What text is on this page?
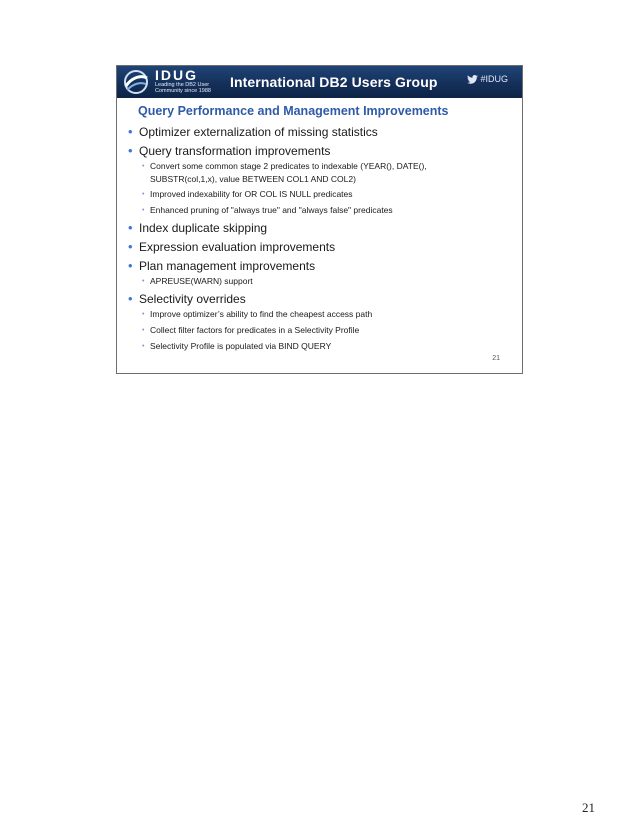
IDUG
Leading the DB2 User
Community since 1988
International DB2 Users Group	#IDUG
Query Performance and Management Improvements
• Optimizer externalization of missing statistics
• Query transformation improvements
• Convert some common stage 2 predicates to indexable (YEAR(), DATE(),
SUBSTR(col,1,x), value BETWEEN COL1 AND COL2)
• Improved indexability for OR COL IS NULL predicates
• Enhanced pruning of "always true" and "always false" predicates
• Index duplicate skipping
• Expression evaluation improvements
• Plan management improvements
• APREUSE(WARN) support
• Selectivity overrides
• Improve optimizer’s ability to find the cheapest access path
• Collect filter factors for predicates in a Selectivity Profile
• Selectivity Profile is populated via BIND QUERY
21
21
